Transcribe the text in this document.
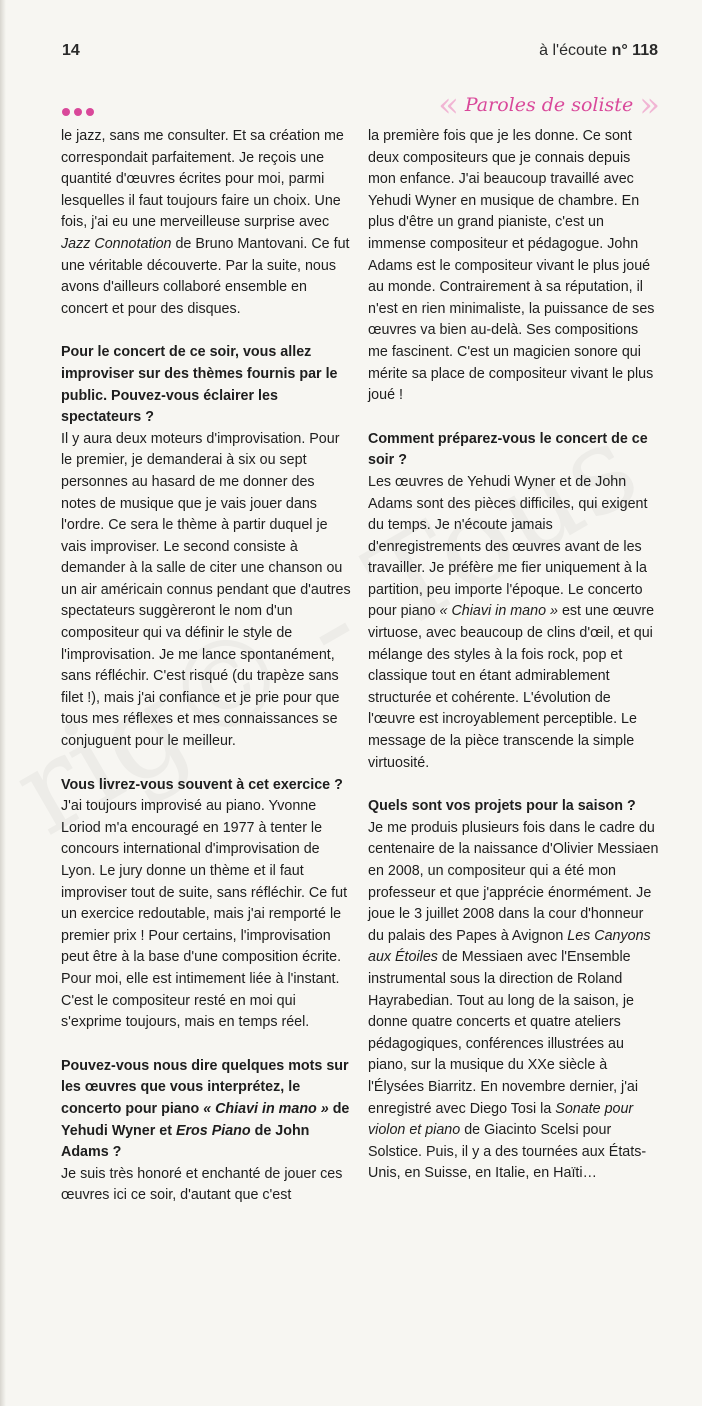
14	à l'écoute n° 118
« Paroles de soliste »

le jazz, sans me consulter. Et sa création me correspondait parfaitement. Je reçois une quantité d'œuvres écrites pour moi, parmi lesquelles il faut toujours faire un choix. Une fois, j'ai eu une merveilleuse surprise avec Jazz Connotation de Bruno Mantovani. Ce fut une véritable découverte. Par la suite, nous avons d'ailleurs collaboré ensemble en concert et pour des disques.

Pour le concert de ce soir, vous allez improviser sur des thèmes fournis par le public. Pouvez-vous éclairer les spectateurs ?

Il y aura deux moteurs d'improvisation. Pour le premier, je demanderai à six ou sept personnes au hasard de me donner des notes de musique que je vais jouer dans l'ordre. Ce sera le thème à partir duquel je vais improviser. Le second consiste à demander à la salle de citer une chanson ou un air américain connus pendant que d'autres spectateurs suggèreront le nom d'un compositeur qui va définir le style de l'improvisation. Je me lance spontanément, sans réfléchir. C'est risqué (du trapèze sans filet !), mais j'ai confiance et je prie pour que tous mes réflexes et mes connaissances se conjuguent pour le meilleur.

Vous livrez-vous souvent à cet exercice ?

J'ai toujours improvisé au piano. Yvonne Loriod m'a encouragé en 1977 à tenter le concours international d'improvisation de Lyon. Le jury donne un thème et il faut improviser tout de suite, sans réfléchir. Ce fut un exercice redoutable, mais j'ai remporté le premier prix ! Pour certains, l'improvisation peut être à la base d'une composition écrite. Pour moi, elle est intimement liée à l'instant. C'est le compositeur resté en moi qui s'exprime toujours, mais en temps réel.

Pouvez-vous nous dire quelques mots sur les œuvres que vous interprétez, le concerto pour piano « Chiavi in mano » de Yehudi Wyner et Eros Piano de John Adams ?

Je suis très honoré et enchanté de jouer ces œuvres ici ce soir, d'autant que c'est

la première fois que je les donne. Ce sont deux compositeurs que je connais depuis mon enfance. J'ai beaucoup travaillé avec Yehudi Wyner en musique de chambre. En plus d'être un grand pianiste, c'est un immense compositeur et pédagogue. John Adams est le compositeur vivant le plus joué au monde. Contrairement à sa réputation, il n'est en rien minimaliste, la puissance de ses œuvres va bien au-delà. Ses compositions me fascinent. C'est un magicien sonore qui mérite sa place de compositeur vivant le plus joué !

Comment préparez-vous le concert de ce soir ?

Les œuvres de Yehudi Wyner et de John Adams sont des pièces difficiles, qui exigent du temps. Je n'écoute jamais d'enregistrements des œuvres avant de les travailler. Je préfère me fier uniquement à la partition, peu importe l'époque. Le concerto pour piano « Chiavi in mano » est une œuvre virtuose, avec beaucoup de clins d'œil, et qui mélange des styles à la fois rock, pop et classique tout en étant admirablement structurée et cohérente. L'évolution de l'œuvre est incroyablement perceptible. Le message de la pièce transcende la simple virtuosité.

Quels sont vos projets pour la saison ?

Je me produis plusieurs fois dans le cadre du centenaire de la naissance d'Olivier Messiaen en 2008, un compositeur qui a été mon professeur et que j'apprécie énormément. Je joue le 3 juillet 2008 dans la cour d'honneur du palais des Papes à Avignon Les Canyons aux Étoiles de Messiaen avec l'Ensemble instrumental sous la direction de Roland Hayrabedian. Tout au long de la saison, je donne quatre concerts et quatre ateliers pédagogiques, conférences illustrées au piano, sur la musique du XXe siècle à l'Élysées Biarritz. En novembre dernier, j'ai enregistré avec Diego Tosi la Sonate pour violon et piano de Giacinto Scelsi pour Solstice. Puis, il y a des tournées aux États-Unis, en Suisse, en Italie, en Haïti…
